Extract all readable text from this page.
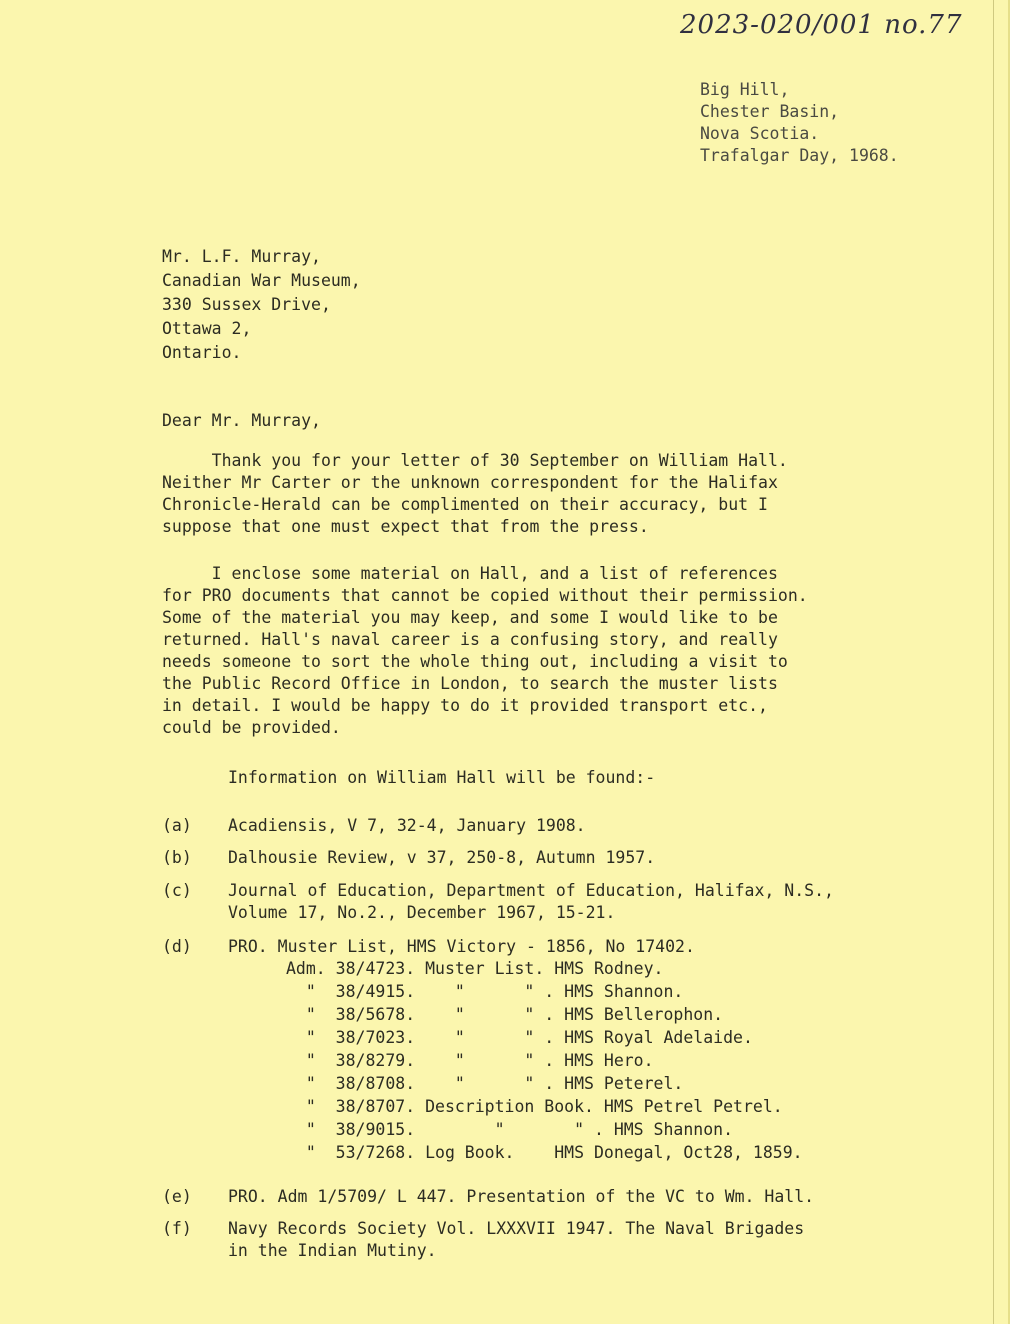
2023-020/001 no.77
Big Hill,
Chester Basin,
Nova Scotia.
Trafalgar Day, 1968.
Mr. L.F. Murray,
Canadian War Museum,
330 Sussex Drive,
Ottawa 2,
Ontario.
Dear Mr. Murray,
Thank you for your letter of 30 September on William Hall.
Neither Mr Carter or the unknown correspondent for the Halifax
Chronicle-Herald can be complimented on their accuracy, but I
suppose that one must expect that from the press.
I enclose some material on Hall, and a list of references
for PRO documents that cannot be copied without their permission.
Some of the material you may keep, and some I would like to be
returned. Hall's naval career is a confusing story, and really
needs someone to sort the whole thing out, including a visit to
the Public Record Office in London, to search the muster lists
in detail. I would be happy to do it provided transport etc.,
could be provided.
Information on William Hall will be found:-
(a) Acadiensis, V 7, 32-4, January 1908.
(b) Dalhousie Review, v 37, 250-8, Autumn 1957.
(c) Journal of Education, Department of Education, Halifax, N.S.,
Volume 17, No.2., December 1967, 15-21.
(d) PRO. Muster List, HMS Victory - 1856, No 17402.
Adm. 38/4723. Muster List. HMS Rodney.
"  38/4915.    "      " . HMS Shannon.
"  38/5678.    "      " . HMS Bellerophon.
"  38/7023.    "      " . HMS Royal Adelaide.
"  38/8279.    "      " . HMS Hero.
"  38/8708.    "      " . HMS Peterel.
"  38/8707. Description Book. HMS Petrel Petrel.
"  38/9015.        "       " . HMS Shannon.
"  53/7268. Log Book.    HMS Donegal, Oct28, 1859.
(e) PRO. Adm 1/5709/ L 447. Presentation of the VC to Wm. Hall.
(f) Navy Records Society Vol. LXXXVII 1947. The Naval Brigades
in the Indian Mutiny.
